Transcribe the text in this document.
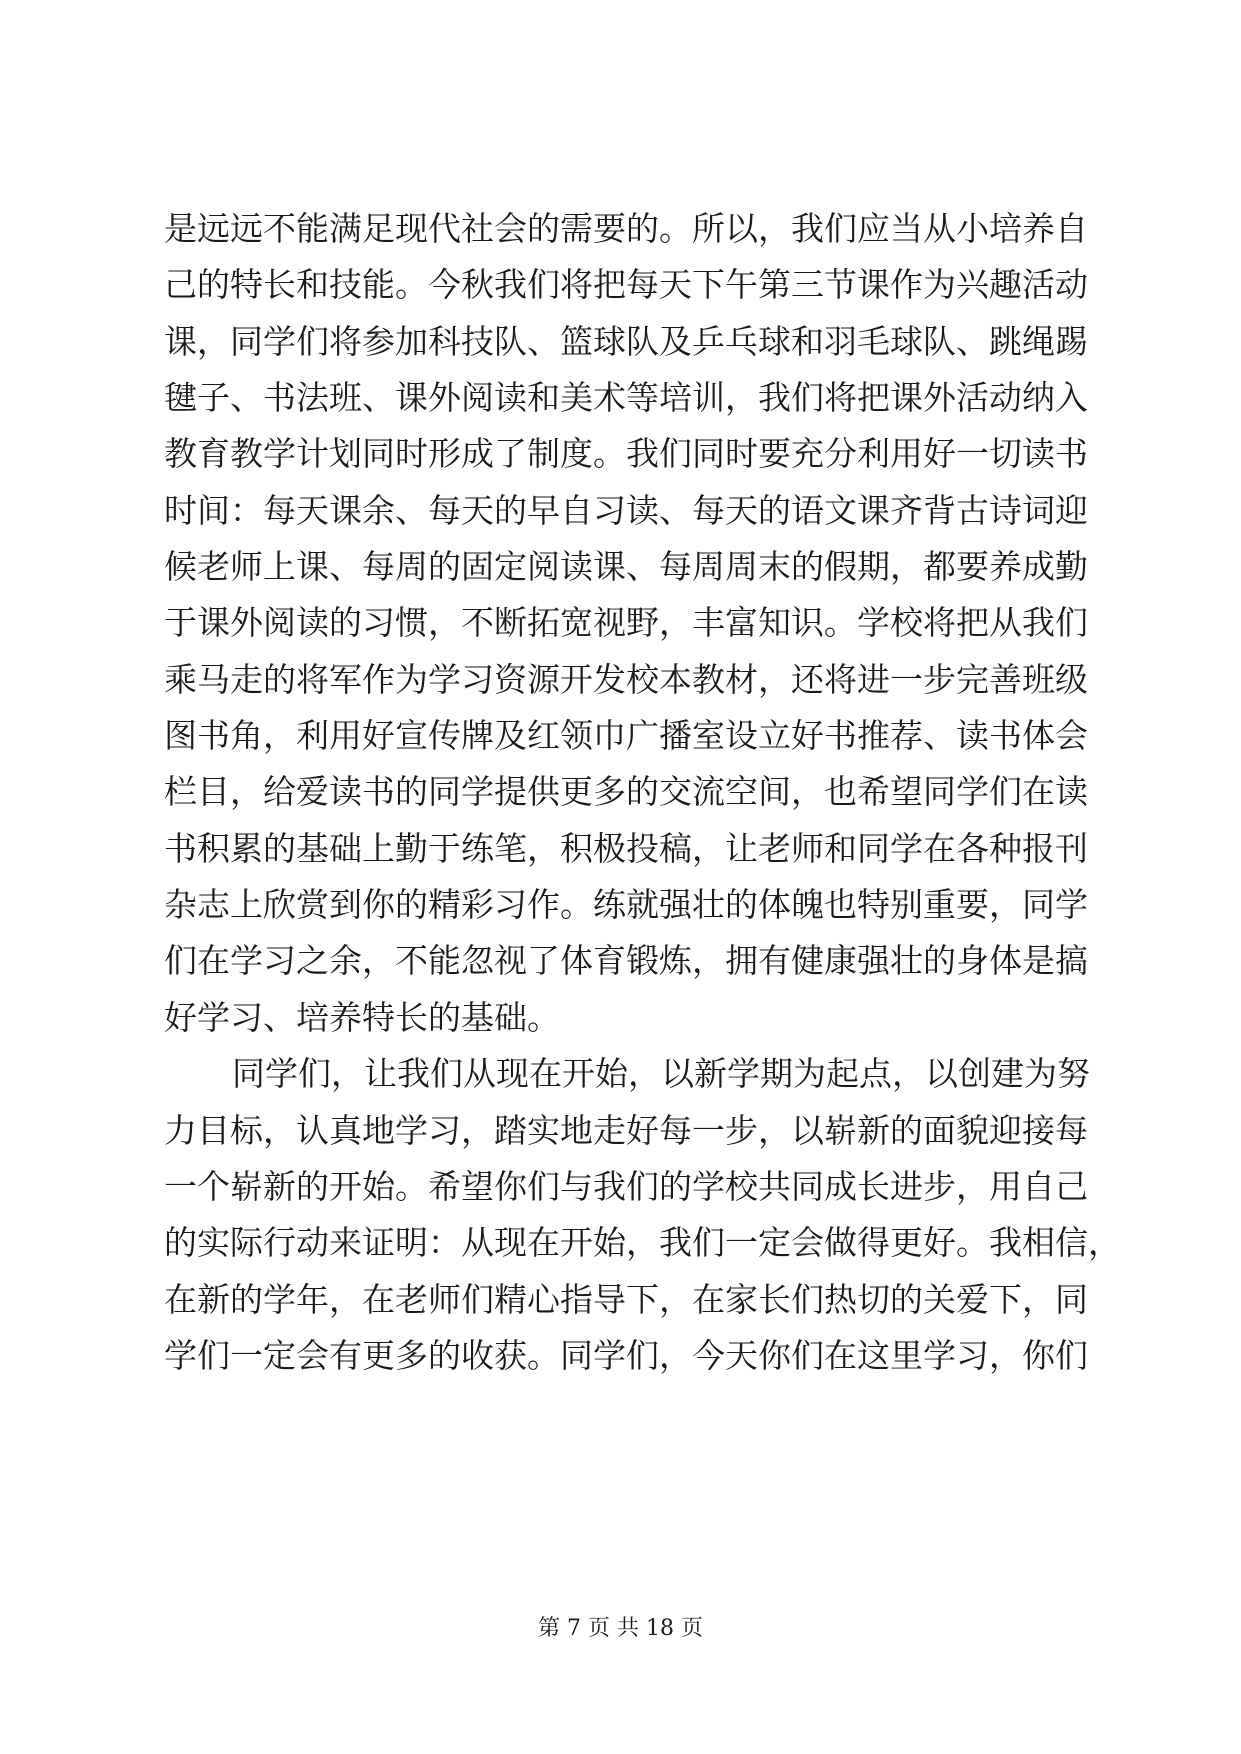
是远远不能满足现代社会的需要的。所以，我们应当从小培养自
己的特长和技能。今秋我们将把每天下午第三节课作为兴趣活动
课，同学们将参加科技队、篮球队及乒乓球和羽毛球队、跳绳踢
毽子、书法班、课外阅读和美术等培训，我们将把课外活动纳入
教育教学计划同时形成了制度。我们同时要充分利用好一切读书
时间：每天课余、每天的早自习读、每天的语文课齐背古诗词迎
候老师上课、每周的固定阅读课、每周周末的假期，都要养成勤
于课外阅读的习惯，不断拓宽视野，丰富知识。学校将把从我们
乘马走的将军作为学习资源开发校本教材，还将进一步完善班级
图书角，利用好宣传牌及红领巾广播室设立好书推荐、读书体会
栏目，给爱读书的同学提供更多的交流空间，也希望同学们在读
书积累的基础上勤于练笔，积极投稿，让老师和同学在各种报刊
杂志上欣赏到你的精彩习作。练就强壮的体魄也特别重要，同学
们在学习之余，不能忽视了体育锻炼，拥有健康强壮的身体是搞
好学习、培养特长的基础。
同学们，让我们从现在开始，以新学期为起点，以创建为努
力目标，认真地学习，踏实地走好每一步，以崭新的面貌迎接每
一个崭新的开始。希望你们与我们的学校共同成长进步，用自己
的实际行动来证明：从现在开始，我们一定会做得更好。我相信，
在新的学年，在老师们精心指导下，在家长们热切的关爱下，同
学们一定会有更多的收获。同学们，今天你们在这里学习，你们
第 7 页 共 18 页
